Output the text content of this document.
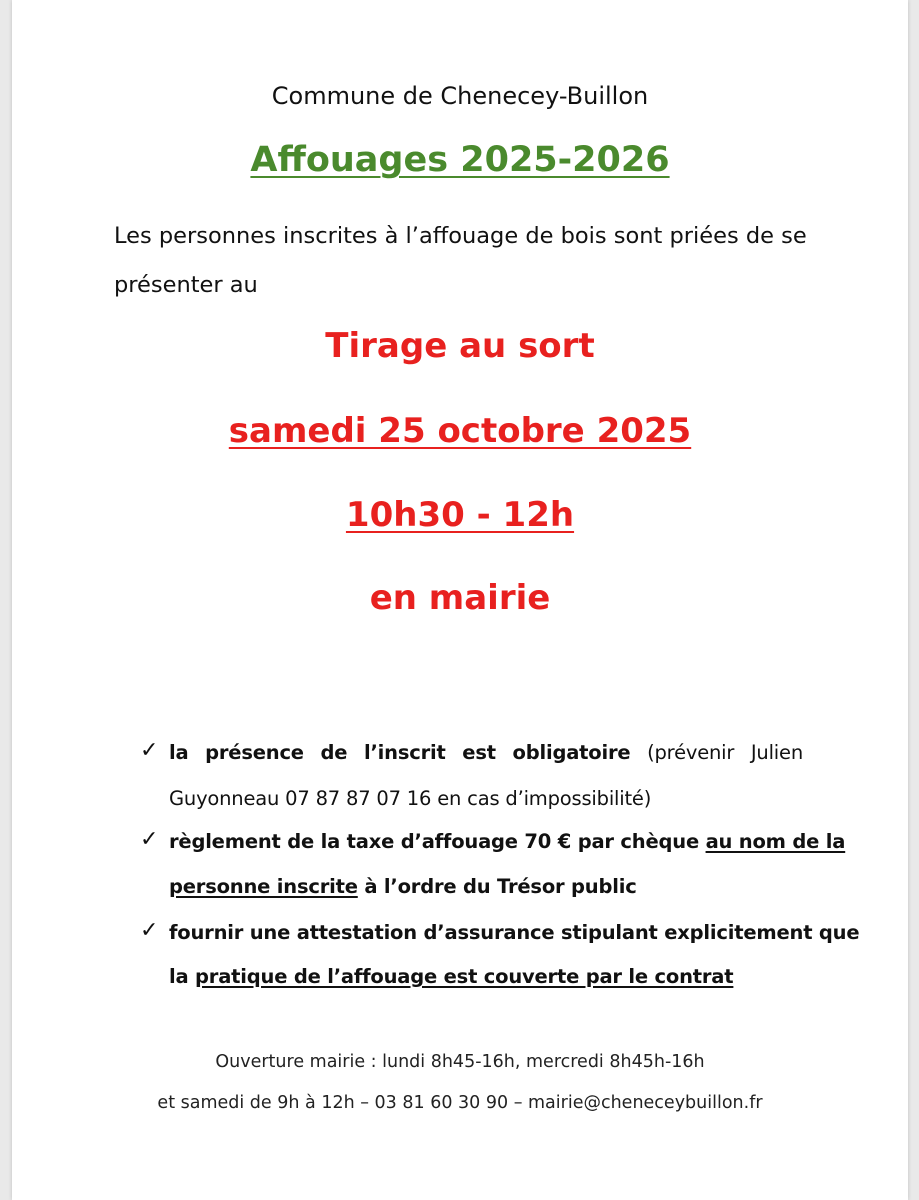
Commune de Chenecey-Buillon

Affouages 2025-2026

Les personnes inscrites à l’affouage de bois sont priées de se

présenter au

Tirage au sort

samedi 25 octobre 2025

10h30 - 12h

en mairie

✓ la présence de l’inscrit est obligatoire (prévenir Julien

Guyonneau 07 87 87 07 16 en cas d’impossibilité)

✓ règlement de la taxe d’affouage 70 € par chèque au nom de la

personne inscrite à l’ordre du Trésor public

✓ fournir une attestation d’assurance stipulant explicitement que

la pratique de l’affouage est couverte par le contrat

Ouverture mairie : lundi 8h45-16h, mercredi 8h45h-16h

et samedi de 9h à 12h – 03 81 60 30 90 – mairie@cheneceybuillon.fr
